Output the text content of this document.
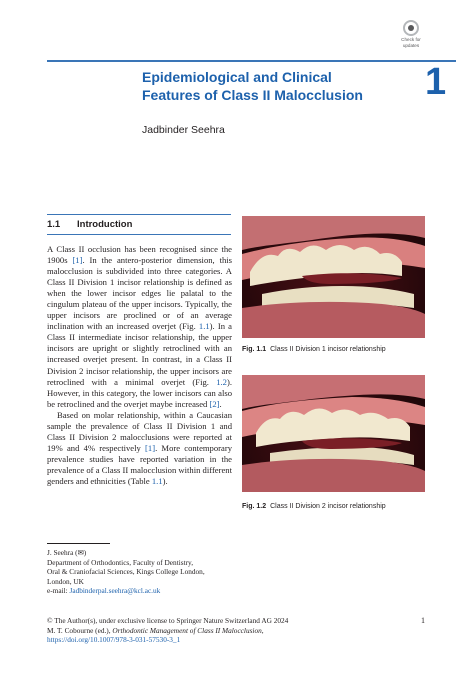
Check for
updates
1
Epidemiological and Clinical
Features of Class II Malocclusion
Jadbinder Seehra
1.1 Introduction

A Class II occlusion has been recognised since the 1900s [1]. In the antero-posterior dimension, this malocclusion is subdivided into three categories. A Class II Division 1 incisor relationship is defined as when the lower incisor edges lie palatal to the cingulum plateau of the upper incisors. Typically, the upper incisors are proclined or of an average inclination with an increased overjet (Fig. 1.1). In a Class II intermediate incisor relationship, the upper incisors are upright or slightly retroclined with an increased overjet present. In contrast, in a Class II Division 2 incisor relationship, the upper incisors are retroclined with a minimal overjet (Fig. 1.2). However, in this category, the lower incisors can also be retroclined and the overjet maybe increased [2].

Based on molar relationship, within a Caucasian sample the prevalence of Class II Division 1 and Class II Division 2 malocclusions were reported at 19% and 4% respectively [1]. More contemporary prevalence studies have reported variation in the prevalence of a Class II malocclusion within different genders and ethnicities (Table 1.1).

J. Seehra (✉)
Department of Orthodontics, Faculty of Dentistry,
Oral & Craniofacial Sciences, Kings College London,
London, UK
e-mail: Jadbinderpal.seehra@kcl.ac.uk
© The Author(s), under exclusive license to Springer Nature Switzerland AG 2024
M. T. Cobourne (ed.), Orthodontic Management of Class II Malocclusion,
https://doi.org/10.1007/978-3-031-57530-3_1
1
Fig. 1.1 Class II Division 1 incisor relationship
Fig. 1.2 Class II Division 2 incisor relationship
